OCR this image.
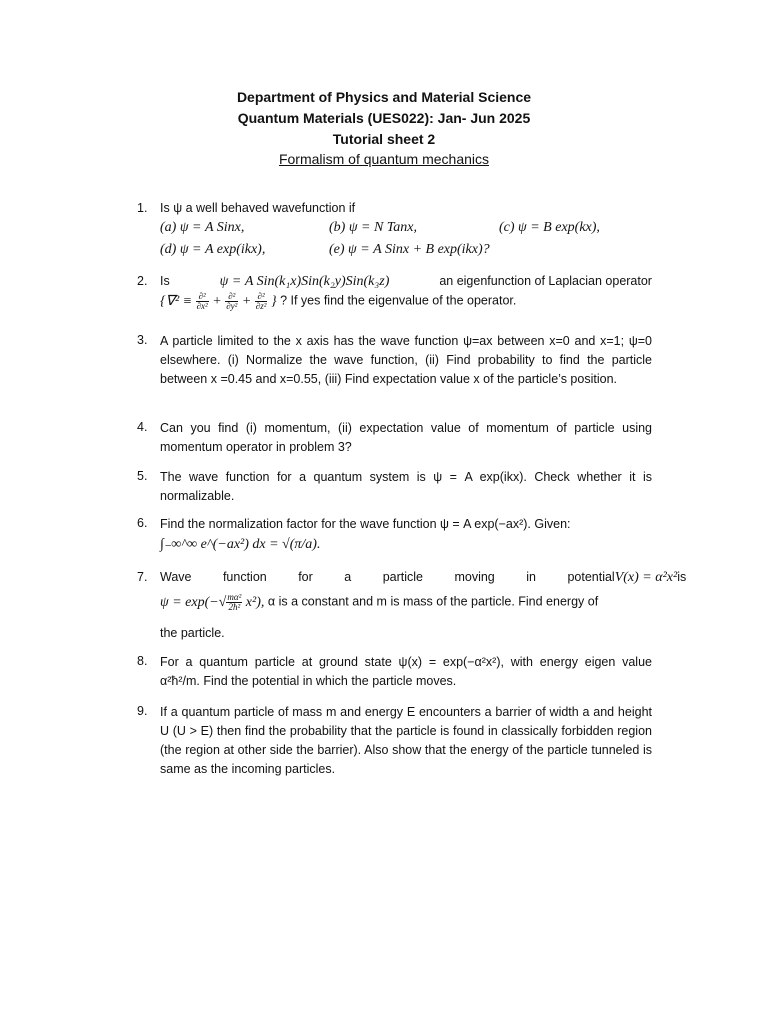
Department of Physics and Material Science
Quantum Materials (UES022): Jan- Jun 2025
Tutorial sheet 2
Formalism of quantum mechanics
1. Is ψ a well behaved wavefunction if
(a) ψ = A Sinx,	(b) ψ = N Tanx,	(c) ψ = B exp(kx),
(d) ψ = A exp(ikx),	(e) ψ = A Sinx + B exp(ikx)?
2. Is	ψ = A Sin(k₁x)Sin(k₂y)Sin(k₃z)	an eigenfunction of Laplacian operator
{$\nabla^2 \equiv \frac{\text{∂²}}{\text{∂x²}} + \frac{\text{∂²}}{\text{∂y²}} + \frac{\text{∂²}}{\text{∂z²}}$ } ? If yes find the eigenvalue of the operator.
3. A particle limited to the x axis has the wave function ψ=ax between x=0 and x=1; ψ=0 elsewhere. (i) Normalize the wave function, (ii) Find probability to find the particle between x =0.45 and x=0.55, (iii) Find expectation value x of the particle’s position.
4. Can you find (i) momentum, (ii) expectation value of momentum of particle using momentum operator in problem 3?
5. The wave function for a quantum system is ψ = A exp(ikx). Check whether it is normalizable.
6. Find the normalization factor for the wave function ψ = A exp(−ax²). Given:
∫₋∞^∞ e^(−ax²) dx = √(π/a).
7. Wave function for a particle moving in potential V(x) = α²x² is
$\psi = \exp(-√ \frac{\text{mα²}}{\text{2ħ²}} x^2)$, α is a constant and m is mass of the particle. Find energy of
the particle.
8. For a quantum particle at ground state ψ(x) = exp(−α²x²), with energy eigen value α²ħ²/m. Find the potential in which the particle moves.
9. If a quantum particle of mass m and energy E encounters a barrier of width a and height U (U > E) then find the probability that the particle is found in classically forbidden region (the region at other side the barrier). Also show that the energy of the particle tunneled is same as the incoming particles.
